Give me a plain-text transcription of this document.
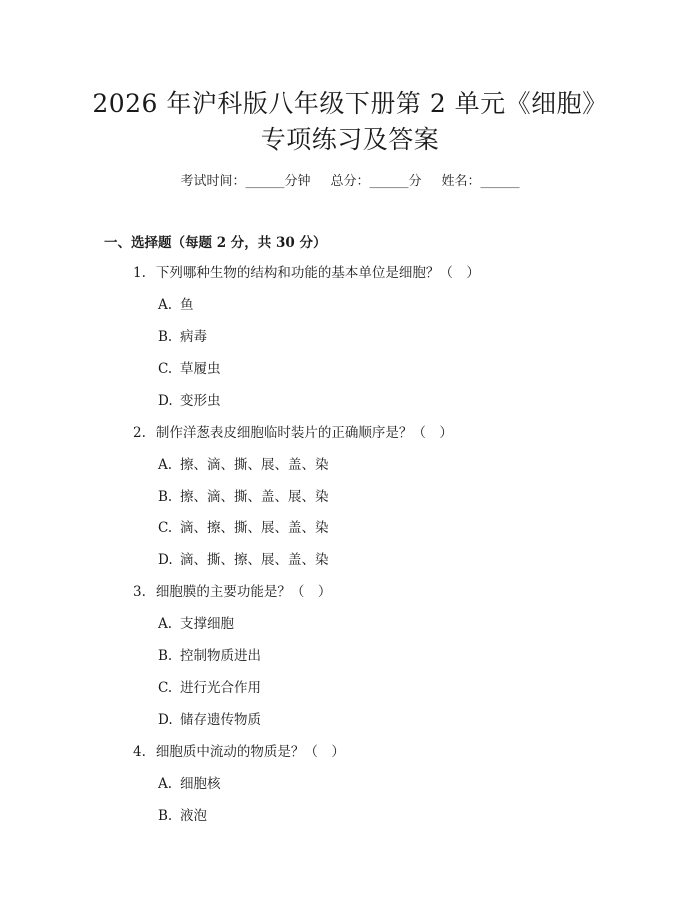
2026 年沪科版八年级下册第 2 单元《细胞》
专项练习及答案
考试时间：______分钟 总分：______分 姓名：______
一、选择题（每题 2 分，共 30 分）
1. 下列哪种生物的结构和功能的基本单位是细胞？（　）
A. 鱼
B. 病毒
C. 草履虫
D. 变形虫
2. 制作洋葱表皮细胞临时装片的正确顺序是？（　）
A. 擦、滴、撕、展、盖、染
B. 擦、滴、撕、盖、展、染
C. 滴、擦、撕、展、盖、染
D. 滴、撕、擦、展、盖、染
3. 细胞膜的主要功能是？（　）
A. 支撑细胞
B. 控制物质进出
C. 进行光合作用
D. 储存遗传物质
4. 细胞质中流动的物质是？（　）
A. 细胞核
B. 液泡
